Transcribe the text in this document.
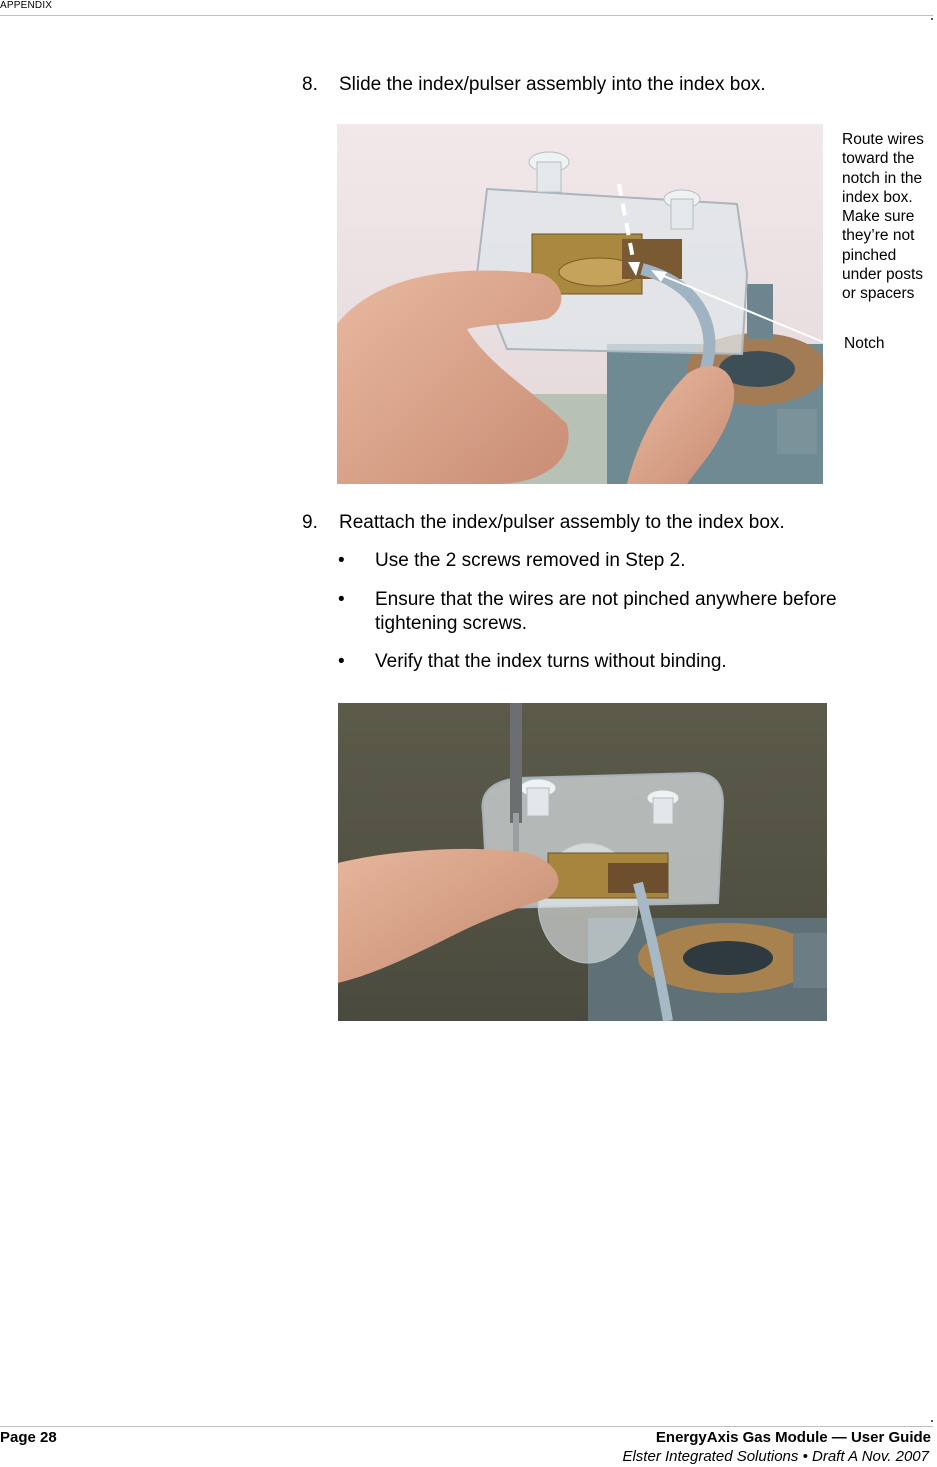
APPENDIX
8. Slide the index/pulser assembly into the index box.
Route wires toward the notch in the index box. Make sure they’re not pinched under posts or spacers
Notch
9. Reattach the index/pulser assembly to the index box.
• Use the 2 screws removed in Step 2.
• Ensure that the wires are not pinched anywhere before tightening screws.
• Verify that the index turns without binding.
Page 28	EnergyAxis Gas Module — User Guide
Elster Integrated Solutions • Draft A Nov. 2007
